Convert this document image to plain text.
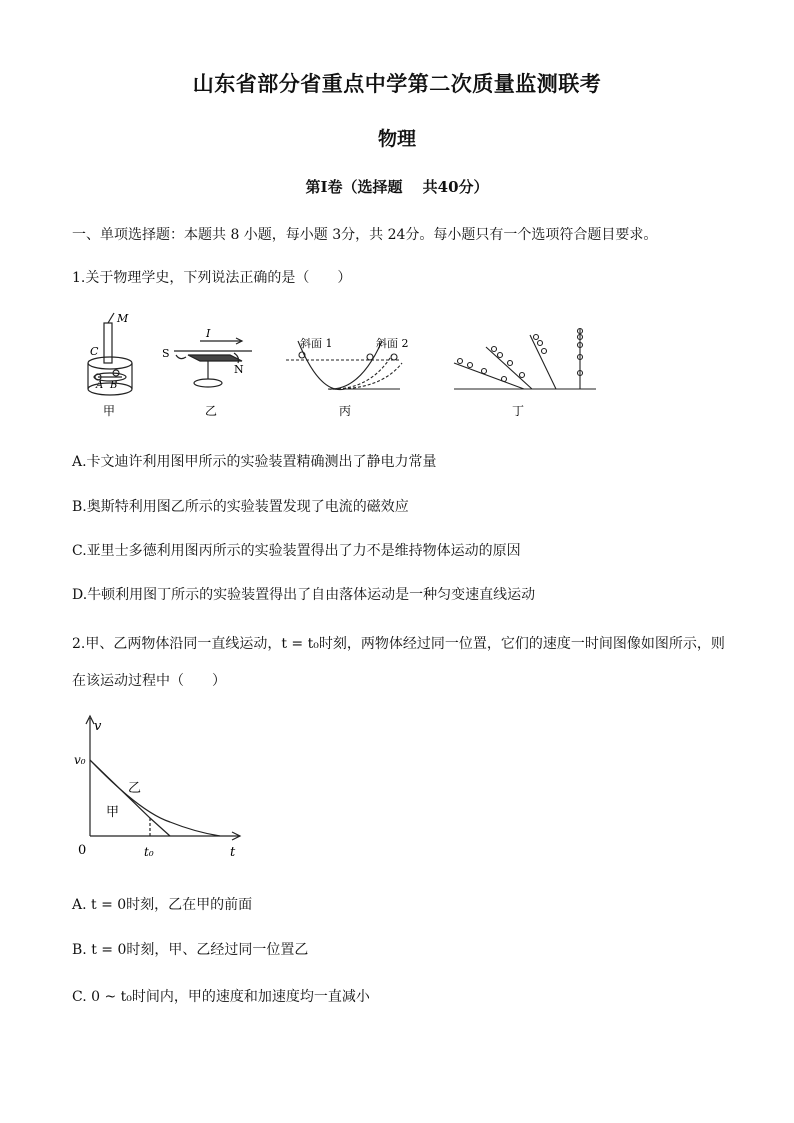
山东省部分省重点中学第二次质量监测联考
物理
第Ⅰ卷（选择题　 共40分）
一、单项选择题：本题共 8 小题，每小题 3分，共 24分。每小题只有一个选项符合题目要求。
1.关于物理学史，下列说法正确的是（　　）
M
C
A B
甲
I
S
N
乙
斜面 1	斜面 2
丙	丁
A.卡文迪许利用图甲所示的实验装置精确测出了静电力常量
B.奥斯特利用图乙所示的实验装置发现了电流的磁效应
C.亚里士多德利用图丙所示的实验装置得出了力不是维持物体运动的原因
D.牛顿利用图丁所示的实验装置得出了自由落体运动是一种匀变速直线运动
2.甲、乙两物体沿同一直线运动，t = t₀时刻，两物体经过同一位置，它们的速度一时间图像如图所示，则
在该运动过程中（　　）
v
v₀
0	t₀	t
乙
甲
A. t = 0时刻，乙在甲的前面
B. t = 0时刻，甲、乙经过同一位置乙
C. 0 ~ t₀时间内，甲的速度和加速度均一直减小
